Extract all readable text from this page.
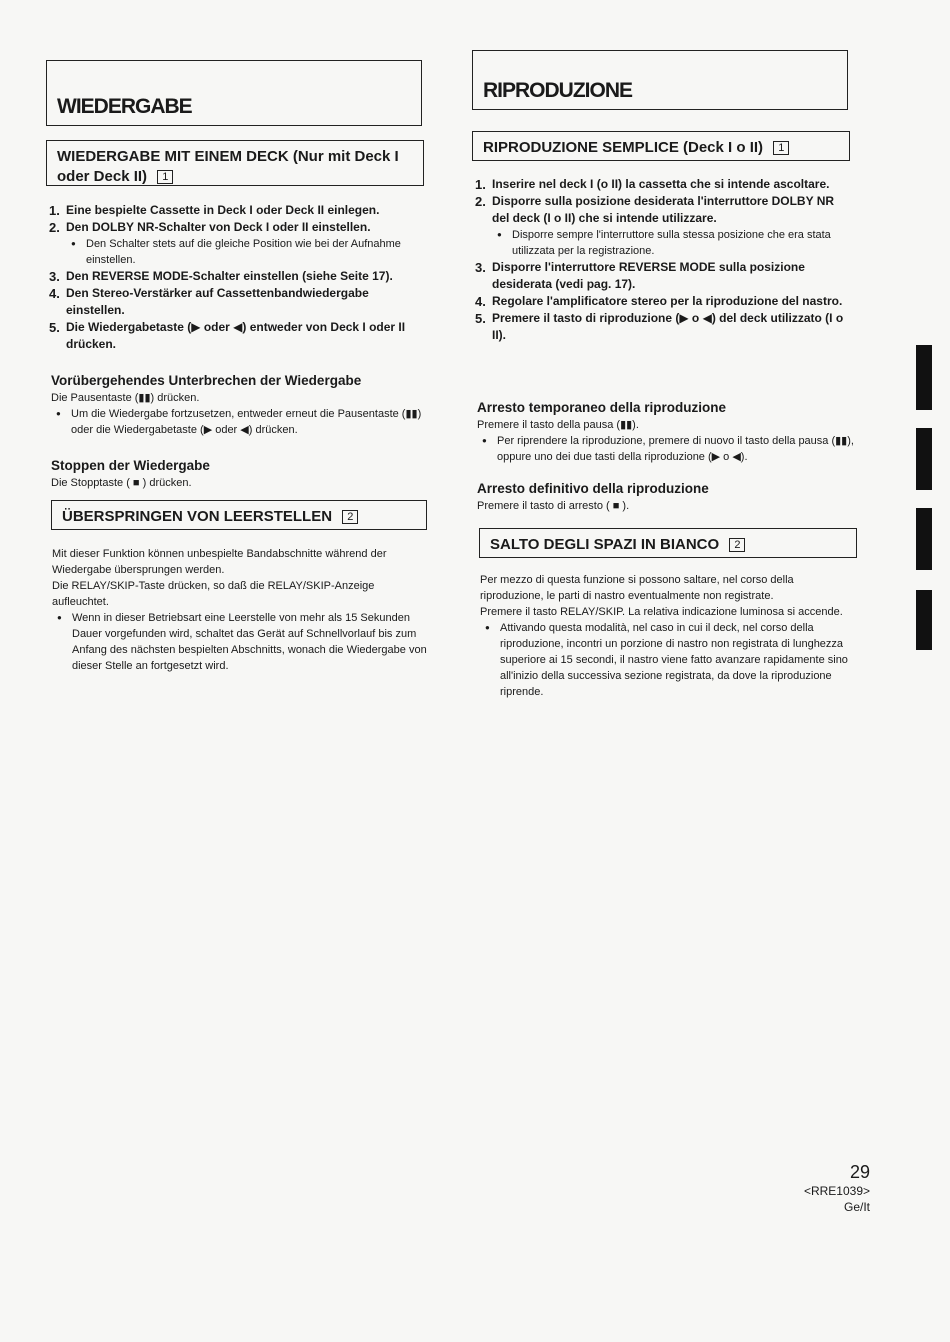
WIEDERGABE
WIEDERGABE MIT EINEM DECK (Nur mit Deck I oder Deck II) 1
1. Eine bespielte Cassette in Deck I oder Deck II einlegen.
2. Den DOLBY NR-Schalter von Deck I oder II einstellen.
● Den Schalter stets auf die gleiche Position wie bei der Aufnahme einstellen.
3. Den REVERSE MODE-Schalter einstellen (siehe Seite 17).
4. Den Stereo-Verstärker auf Cassettenbandwiedergabe einstellen.
5. Die Wiedergabetaste (▶ oder ◀) entweder von Deck I oder II drücken.

Vorübergehendes Unterbrechen der Wiedergabe

Die Pausentaste (▮▮) drücken.

● Um die Wiedergabe fortzusetzen, entweder erneut die Pausentaste (▮▮) oder die Wiedergabetaste (▶ oder ◀) drücken.

Stoppen der Wiedergabe

Die Stopptaste ( ■ ) drücken.

ÜBERSPRINGEN VON LEERSTELLEN 2

Mit dieser Funktion können unbespielte Bandabschnitte während der Wiedergabe übersprungen werden.

Die RELAY/SKIP-Taste drücken, so daß die RELAY/SKIP-Anzeige aufleuchtet.

● Wenn in dieser Betriebsart eine Leerstelle von mehr als 15 Sekunden Dauer vorgefunden wird, schaltet das Gerät auf Schnellvorlauf bis zum Anfang des nächsten bespielten Abschnitts, wonach die Wiedergabe von dieser Stelle an fortgesetzt wird.
RIPRODUZIONE
RIPRODUZIONE SEMPLICE (Deck I o II) 1
1. Inserire nel deck I (o II) la cassetta che si intende ascoltare.
2. Disporre sulla posizione desiderata l'interruttore DOLBY NR del deck (I o II) che si intende utilizzare.
● Disporre sempre l'interruttore sulla stessa posizione che era stata utilizzata per la registrazione.
3. Disporre l'interruttore REVERSE MODE sulla posizione desiderata (vedi pag. 17).
4. Regolare l'amplificatore stereo per la riproduzione del nastro.
5. Premere il tasto di riproduzione (▶ o ◀) del deck utilizzato (I o II).

Arresto temporaneo della riproduzione

Premere il tasto della pausa (▮▮).

● Per riprendere la riproduzione, premere di nuovo il tasto della pausa (▮▮), oppure uno dei due tasti della riproduzione (▶ o ◀).

Arresto definitivo della riproduzione

Premere il tasto di arresto ( ■ ).

SALTO DEGLI SPAZI IN BIANCO 2

Per mezzo di questa funzione si possono saltare, nel corso della riproduzione, le parti di nastro eventualmente non registrate.

Premere il tasto RELAY/SKIP. La relativa indicazione luminosa si accende.

● Attivando questa modalità, nel caso in cui il deck, nel corso della riproduzione, incontri un porzione di nastro non registrata di lunghezza superiore ai 15 secondi, il nastro viene fatto avanzare rapidamente sino all'inizio della successiva sezione registrata, da dove la riproduzione riprende.
29
<RRE1039>
Ge/It
